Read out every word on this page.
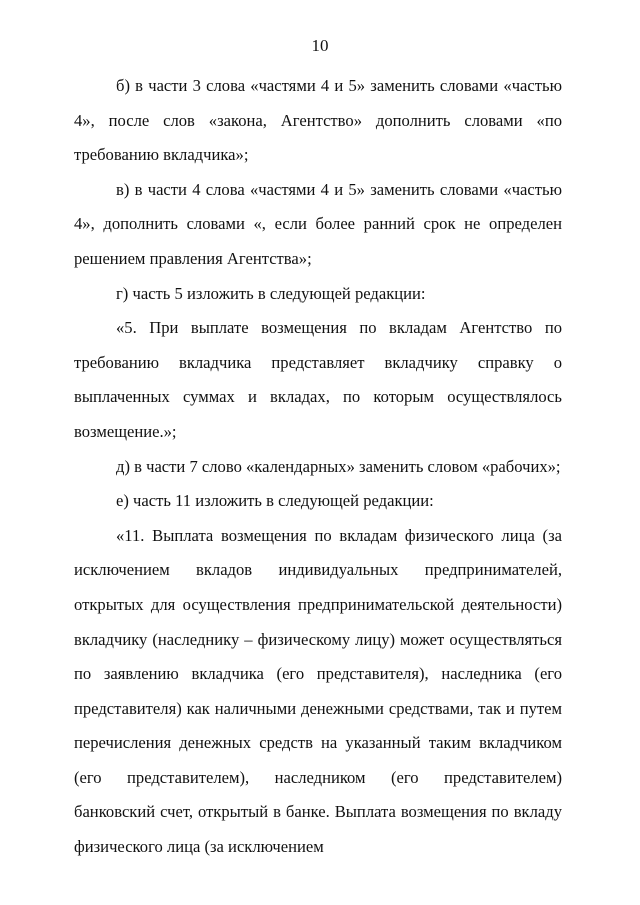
10

б) в части 3 слова «частями 4 и 5» заменить словами «частью 4», после слов «закона, Агентство» дополнить словами «по требованию вкладчика»;

в) в части 4 слова «частями 4 и 5» заменить словами «частью 4», дополнить словами «, если более ранний срок не определен решением правления Агентства»;

г) часть 5 изложить в следующей редакции:

«5. При выплате возмещения по вкладам Агентство по требованию вкладчика представляет вкладчику справку о выплаченных суммах и вкладах, по которым осуществлялось возмещение.»;

д) в части 7 слово «календарных» заменить словом «рабочих»;

е) часть 11 изложить в следующей редакции:

«11. Выплата возмещения по вкладам физического лица (за исключением вкладов индивидуальных предпринимателей, открытых для осуществления предпринимательской деятельности) вкладчику (наследнику – физическому лицу) может осуществляться по заявлению вкладчика (его представителя), наследника (его представителя) как наличными денежными средствами, так и путем перечисления денежных средств на указанный таким вкладчиком (его представителем), наследником (его представителем) банковский счет, открытый в банке. Выплата возмещения по вкладу физического лица (за исключением
